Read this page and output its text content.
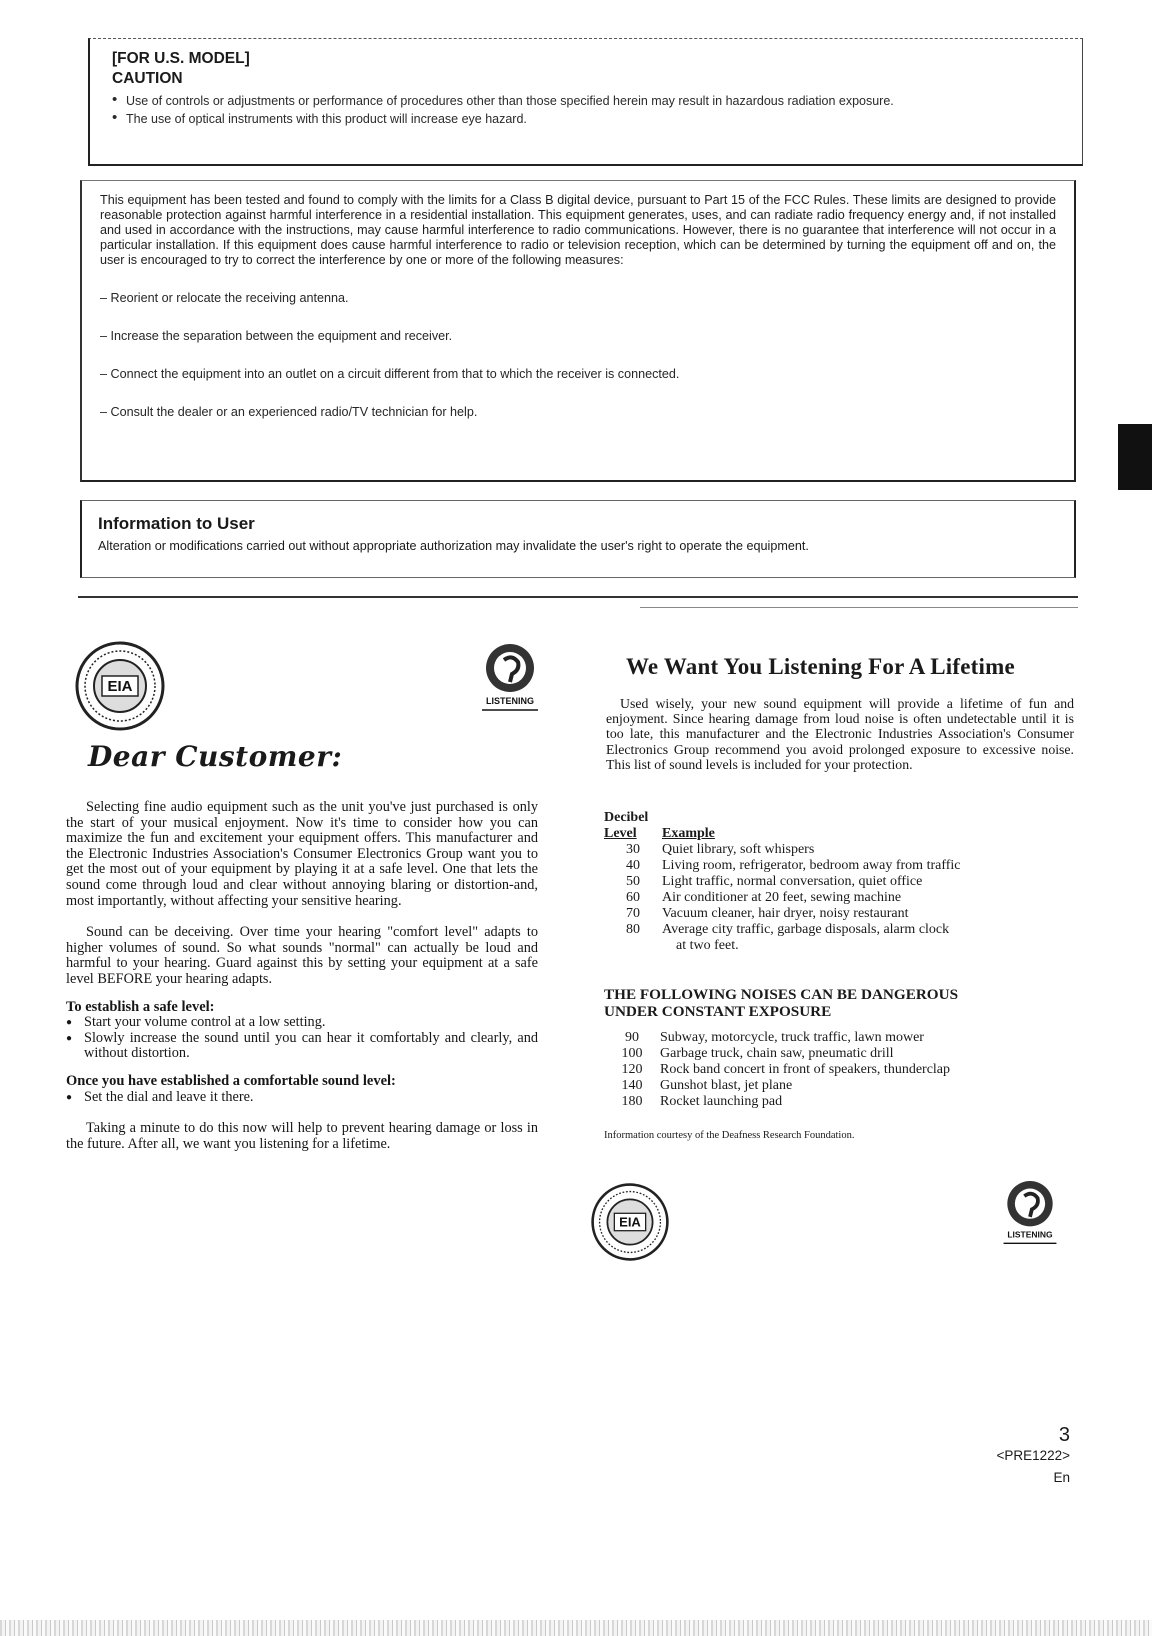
[FOR U.S. MODEL]
CAUTION
• Use of controls or adjustments or performance of procedures other than those specified herein may result in hazardous radiation exposure.
• The use of optical instruments with this product will increase eye hazard.
This equipment has been tested and found to comply with the limits for a Class B digital device, pursuant to Part 15 of the FCC Rules. These limits are designed to provide reasonable protection against harmful interference in a residential installation. This equipment generates, uses, and can radiate radio frequency energy and, if not installed and used in accordance with the instructions, may cause harmful interference to radio communications. However, there is no guarantee that interference will not occur in a particular installation. If this equipment does cause harmful interference to radio or television reception, which can be determined by turning the equipment off and on, the user is encouraged to try to correct the interference by one or more of the following measures:
– Reorient or relocate the receiving antenna.
– Increase the separation between the equipment and receiver.
– Connect the equipment into an outlet on a circuit different from that to which the receiver is connected.
– Consult the dealer or an experienced radio/TV technician for help.
Information to User
Alteration or modifications carried out without appropriate authorization may invalidate the user's right to operate the equipment.
EIA
LISTENING
EIA
LISTENING
Dear Customer:

Selecting fine audio equipment such as the unit you've just purchased is only the start of your musical enjoyment. Now it's time to consider how you can maximize the fun and excitement your equipment offers. This manufacturer and the Electronic Industries Association's Consumer Electronics Group want you to get the most out of your equipment by playing it at a safe level. One that lets the sound come through loud and clear without annoying blaring or distortion-and, most importantly, without affecting your sensitive hearing.

Sound can be deceiving. Over time your hearing "comfort level" adapts to higher volumes of sound. So what sounds "normal" can actually be loud and harmful to your hearing. Guard against this by setting your equipment at a safe level BEFORE your hearing adapts.

To establish a safe level:
● Start your volume control at a low setting.
● Slowly increase the sound until you can hear it comfortably and clearly, and without distortion.
Once you have established a comfortable sound level:
● Set the dial and leave it there.

Taking a minute to do this now will help to prevent hearing damage or loss in the future. After all, we want you listening for a lifetime.

We Want You Listening For A Lifetime

Used wisely, your new sound equipment will provide a lifetime of fun and enjoyment. Since hearing damage from loud noise is often undetectable until it is too late, this manufacturer and the Electronic Industries Association's Consumer Electronics Group recommend you avoid prolonged exposure to excessive noise. This list of sound levels is included for your protection.

Decibel
Level	Example
30	Quiet library, soft whispers
40	Living room, refrigerator, bedroom away from traffic
50	Light traffic, normal conversation, quiet office
60	Air conditioner at 20 feet, sewing machine
70	Vacuum cleaner, hair dryer, noisy restaurant
80	Average city traffic, garbage disposals, alarm clock
	at two feet.
THE FOLLOWING NOISES CAN BE DANGEROUS
UNDER CONSTANT EXPOSURE
90	Subway, motorcycle, truck traffic, lawn mower
100	Garbage truck, chain saw, pneumatic drill
120	Rock band concert in front of speakers, thunderclap
140	Gunshot blast, jet plane
180	Rocket launching pad
Information courtesy of the Deafness Research Foundation.
3
<PRE1222>
En
